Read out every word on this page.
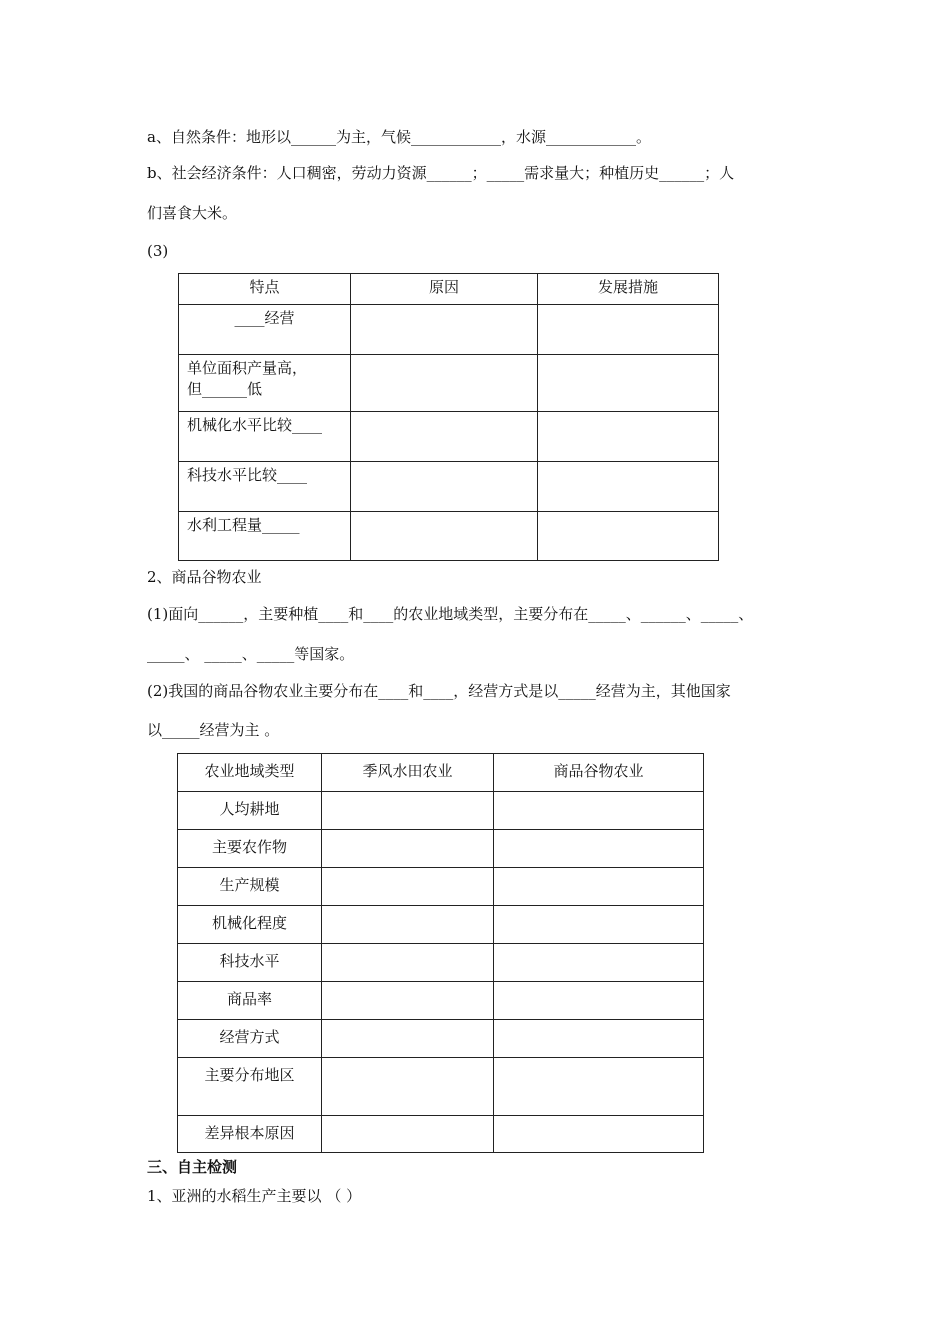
a、自然条件：地形以______为主，气候____________，水源____________。
b、社会经济条件：人口稠密，劳动力资源______；_____需求量大；种植历史______；人
们喜食大米。
(3)
特点	原因	发展措施
____经营		

单位面积产量高，
但______低		

机械化水平比较____		
科技水平比较____		
水利工程量_____		
2、商品谷物农业
(1)面向______，主要种植____和____的农业地域类型，主要分布在_____、______、_____、
_____、 _____、_____等国家。
(2)我国的商品谷物农业主要分布在____和____，经营方式是以_____经营为主，其他国家
以_____经营为主 。
农业地域类型	季风水田农业	商品谷物农业
人均耕地		
主要农作物		
生产规模		
机械化程度		
科技水平		
商品率		
经营方式		
主要分布地区		
差异根本原因		
三、自主检测
1、亚洲的水稻生产主要以 （ ）
